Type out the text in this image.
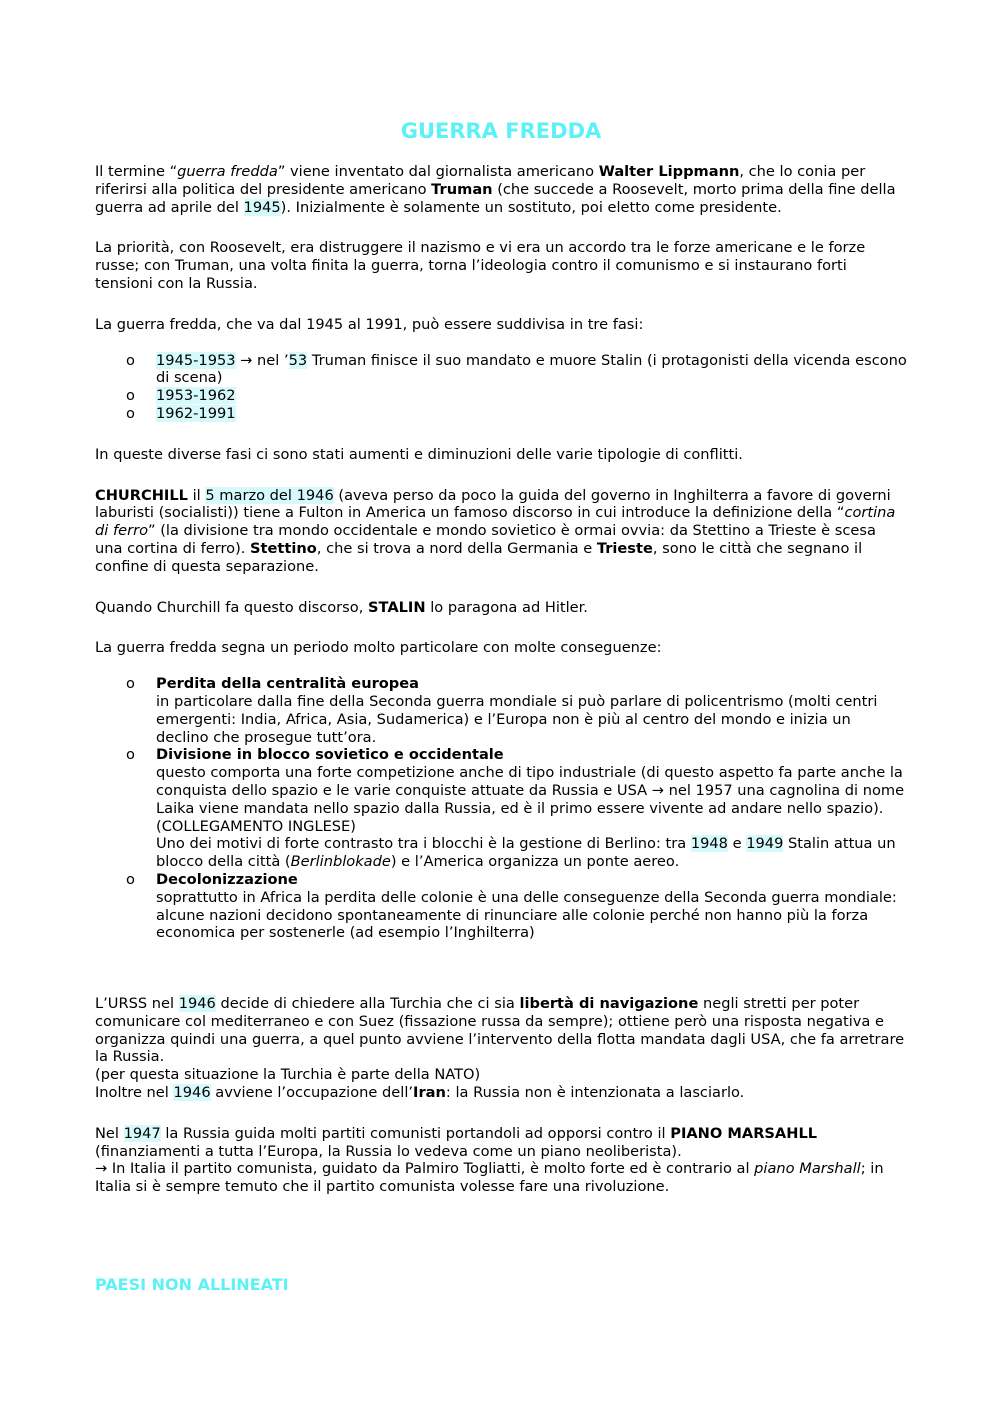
GUERRA FREDDA

Il termine “guerra fredda” viene inventato dal giornalista americano Walter Lippmann, che lo conia per riferirsi alla politica del presidente americano Truman (che succede a Roosevelt, morto prima della fine della guerra ad aprile del 1945). Inizialmente è solamente un sostituto, poi eletto come presidente.

La priorità, con Roosevelt, era distruggere il nazismo e vi era un accordo tra le forze americane e le forze russe; con Truman, una volta finita la guerra, torna l’ideologia contro il comunismo e si instaurano forti tensioni con la Russia.

La guerra fredda, che va dal 1945 al 1991, può essere suddivisa in tre fasi:

o 1945-1953 → nel ’53 Truman finisce il suo mandato e muore Stalin (i protagonisti della vicenda escono di scena)
o 1953-1962
o 1962-1991

In queste diverse fasi ci sono stati aumenti e diminuzioni delle varie tipologie di conflitti.

CHURCHILL il 5 marzo del 1946 (aveva perso da poco la guida del governo in Inghilterra a favore di governi laburisti (socialisti)) tiene a Fulton in America un famoso discorso in cui introduce la definizione della “cortina di ferro” (la divisione tra mondo occidentale e mondo sovietico è ormai ovvia: da Stettino a Trieste è scesa una cortina di ferro). Stettino, che si trova a nord della Germania e Trieste, sono le città che segnano il confine di questa separazione.

Quando Churchill fa questo discorso, STALIN lo paragona ad Hitler.

La guerra fredda segna un periodo molto particolare con molte conseguenze:

o Perdita della centralità europea
in particolare dalla fine della Seconda guerra mondiale si può parlare di policentrismo (molti centri emergenti: India, Africa, Asia, Sudamerica) e l’Europa non è più al centro del mondo e inizia un declino che prosegue tutt’ora.
o Divisione in blocco sovietico e occidentale
questo comporta una forte competizione anche di tipo industriale (di questo aspetto fa parte anche la conquista dello spazio e le varie conquiste attuate da Russia e USA → nel 1957 una cagnolina di nome Laika viene mandata nello spazio dalla Russia, ed è il primo essere vivente ad andare nello spazio).
(COLLEGAMENTO INGLESE)
Uno dei motivi di forte contrasto tra i blocchi è la gestione di Berlino: tra 1948 e 1949 Stalin attua un blocco della città (Berlinblokade) e l’America organizza un ponte aereo.
o Decolonizzazione
soprattutto in Africa la perdita delle colonie è una delle conseguenze della Seconda guerra mondiale: alcune nazioni decidono spontaneamente di rinunciare alle colonie perché non hanno più la forza economica per sostenerle (ad esempio l’Inghilterra)

L’URSS nel 1946 decide di chiedere alla Turchia che ci sia libertà di navigazione negli stretti per poter comunicare col mediterraneo e con Suez (fissazione russa da sempre); ottiene però una risposta negativa e organizza quindi una guerra, a quel punto avviene l’intervento della flotta mandata dagli USA, che fa arretrare la Russia.
(per questa situazione la Turchia è parte della NATO)
Inoltre nel 1946 avviene l’occupazione dell’Iran: la Russia non è intenzionata a lasciarlo.

Nel 1947 la Russia guida molti partiti comunisti portandoli ad opporsi contro il PIANO MARSAHLL
(finanziamenti a tutta l’Europa, la Russia lo vedeva come un piano neoliberista).
→ In Italia il partito comunista, guidato da Palmiro Togliatti, è molto forte ed è contrario al piano Marshall; in Italia si è sempre temuto che il partito comunista volesse fare una rivoluzione.

PAESI NON ALLINEATI
